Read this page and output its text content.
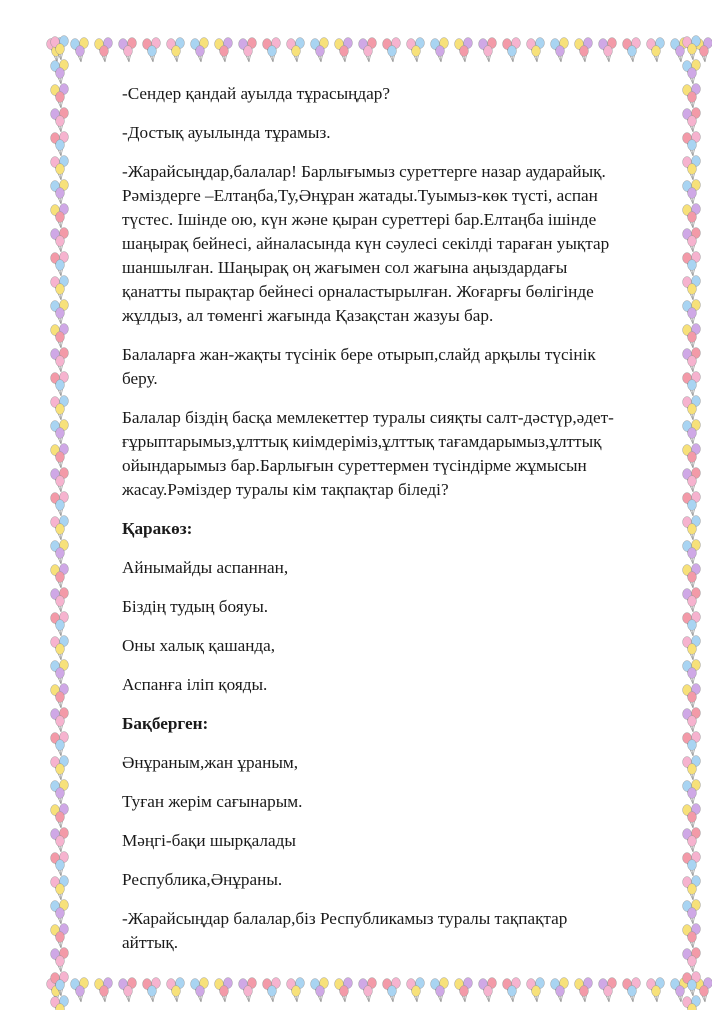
-Сендер қандай ауылда тұрасыңдар?

-Достық ауылында тұрамыз.

-Жарайсыңдар,балалар! Барлығымыз суреттерге назар аударайық.

Рәміздерге –Елтаңба,Ту,Әнұран жатады.Туымыз-көк түсті, аспан

түстес. Ішінде ою, күн және қыран суреттері бар.Елтаңба ішінде

шаңырақ бейнесі, айналасында күн сәулесі секілді тараған уықтар

шаншылған. Шаңырақ оң жағымен сол жағына аңыздардағы

қанатты пырақтар бейнесі орналастырылған. Жоғарғы бөлігінде

жұлдыз, ал төменгі жағында Қазақстан жазуы бар.

Балаларға жан-жақты түсінік бере отырып,слайд арқылы түсінік

беру.

Балалар біздің басқа мемлекеттер туралы сияқты салт-дәстүр,әдет-

ғұрыптарымыз,ұлттық киімдеріміз,ұлттық тағамдарымыз,ұлттық

ойындарымыз бар.Барлығын суреттермен түсіндірме жұмысын

жасау.Рәміздер туралы кім тақпақтар біледі?

Қаракөз:

Айнымайды аспаннан,

Біздің тудың бояуы.

Оны халық қашанда,

Аспанға іліп қояды.

Бақберген:

Әнұраным,жан ұраным,

Туған жерім сағынарым.

Мәңгі-бақи шырқалады

Республика,Әнұраны.

-Жарайсыңдар балалар,біз Республикамыз туралы тақпақтар

айттық.
